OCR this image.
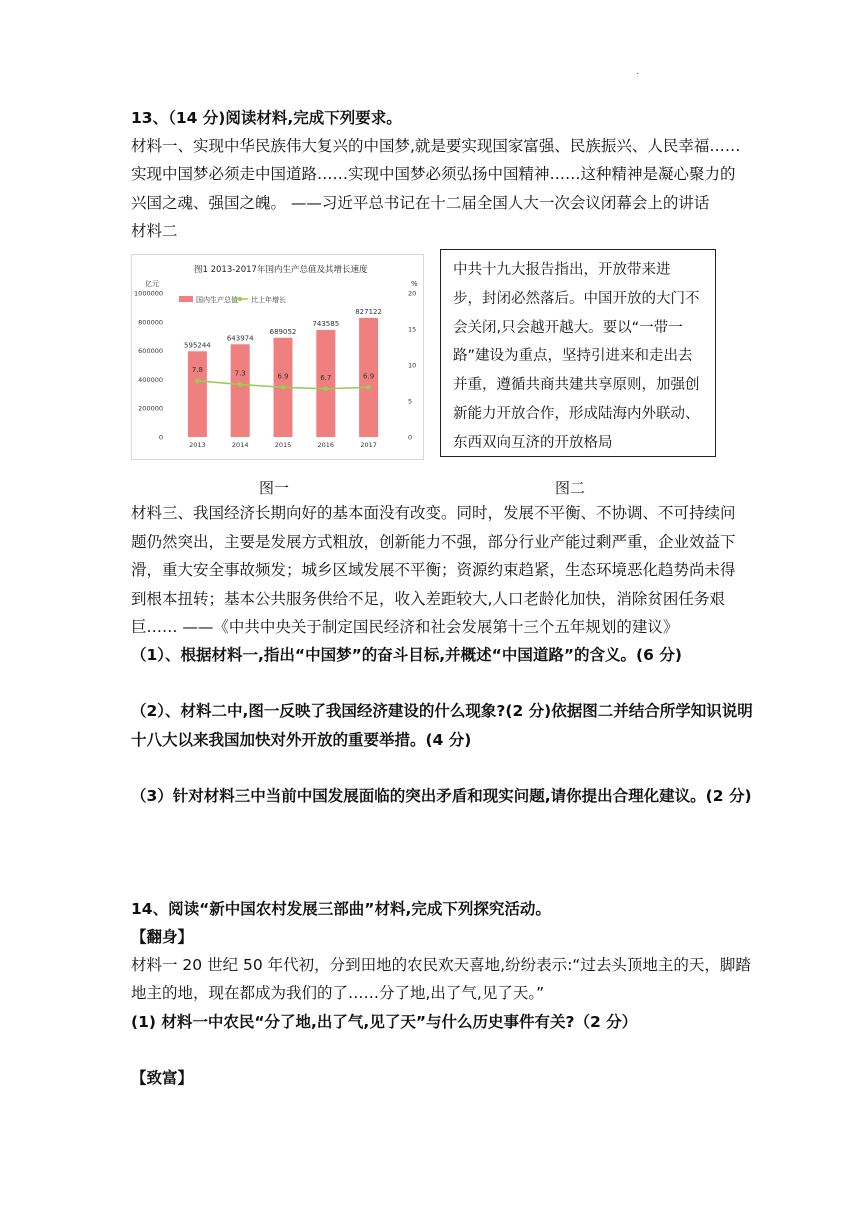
.
13、（14 分)阅读材料,完成下列要求。
材料一、实现中华民族伟大复兴的中国梦,就是要实现国家富强、民族振兴、人民幸福……
实现中国梦必须走中国道路……实现中国梦必须弘扬中国精神……这种精神是凝心聚力的
兴国之魂、强国之魄。 ——习近平总书记在十二届全国人大一次会议闭幕会上的讲话
材料二
图1 2013-2017年国内生产总值及其增长速度
亿元	%
国内生产总值 比上年增长
0
200000
400000
600000
800000
1000000
0
5
10
15
20
595244
643974
689052
743585
827122
7.8	7.3	6.9	6.7	6.9
2013	2014	2015	2016	2017

中共十九大报告指出，开放带来进

步，封闭必然落后。中国开放的大门不

会关闭,只会越开越大。要以“一带一

路”建设为重点，坚持引进来和走出去

并重，遵循共商共建共享原则，加强创

新能力开放合作，形成陆海内外联动、

东西双向互济的开放格局

图一	图二
材料三、我国经济长期向好的基本面没有改变。同时，发展不平衡、不协调、不可持续问
题仍然突出，主要是发展方式粗放，创新能力不强，部分行业产能过剩严重，企业效益下
滑，重大安全事故频发；城乡区域发展不平衡；资源约束趋紧，生态环境恶化趋势尚未得
到根本扭转；基本公共服务供给不足，收入差距较大,人口老龄化加快，消除贫困任务艰
巨…… ——《中共中央关于制定国民经济和社会发展第十三个五年规划的建议》
（1）、根据材料一,指出“中国梦”的奋斗目标,并概述“中国道路”的含义。(6 分)
（2）、材料二中,图一反映了我国经济建设的什么现象?(2 分)依据图二并结合所学知识说明
十八大以来我国加快对外开放的重要举措。(4 分)
（3）针对材料三中当前中国发展面临的突出矛盾和现实问题,请你提出合理化建议。(2 分)
14、阅读“新中国农村发展三部曲”材料,完成下列探究活动。
【翻身】
材料一 20 世纪 50 年代初，分到田地的农民欢天喜地,纷纷表示:“过去头顶地主的天，脚踏
地主的地，现在都成为我们的了……分了地,出了气,见了天。”
(1) 材料一中农民“分了地,出了气,见了天”与什么历史事件有关?（2 分）
【致富】
